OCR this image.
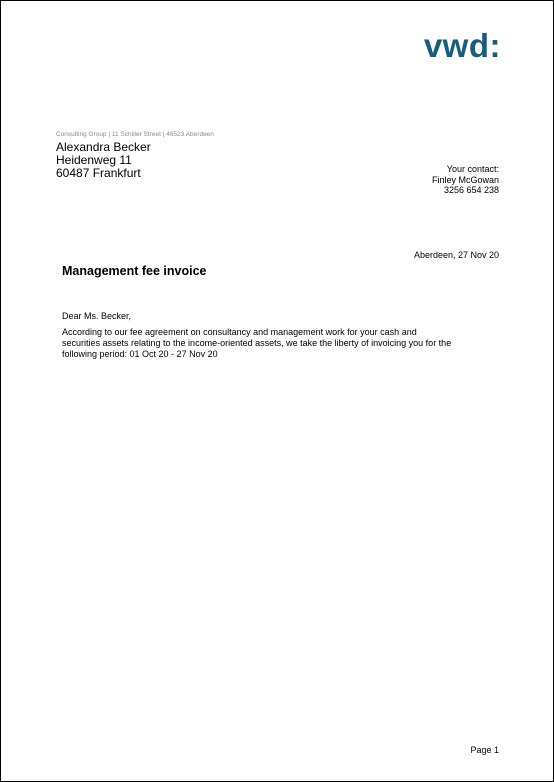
vwd:
Consulting Group | 11 Schiller Street | 46523 Aberdeen
Alexandra Becker
Heidenweg 11
60487 Frankfurt	Your contact:
Finley McGowan
3256 654 238
Aberdeen, 27 Nov 20
Management fee invoice
Dear Ms. Becker,
According to our fee agreement on consultancy and management work for your cash and
securities assets relating to the income-oriented assets, we take the liberty of invoicing you for the
following period: 01 Oct 20 - 27 Nov 20
Page 1
